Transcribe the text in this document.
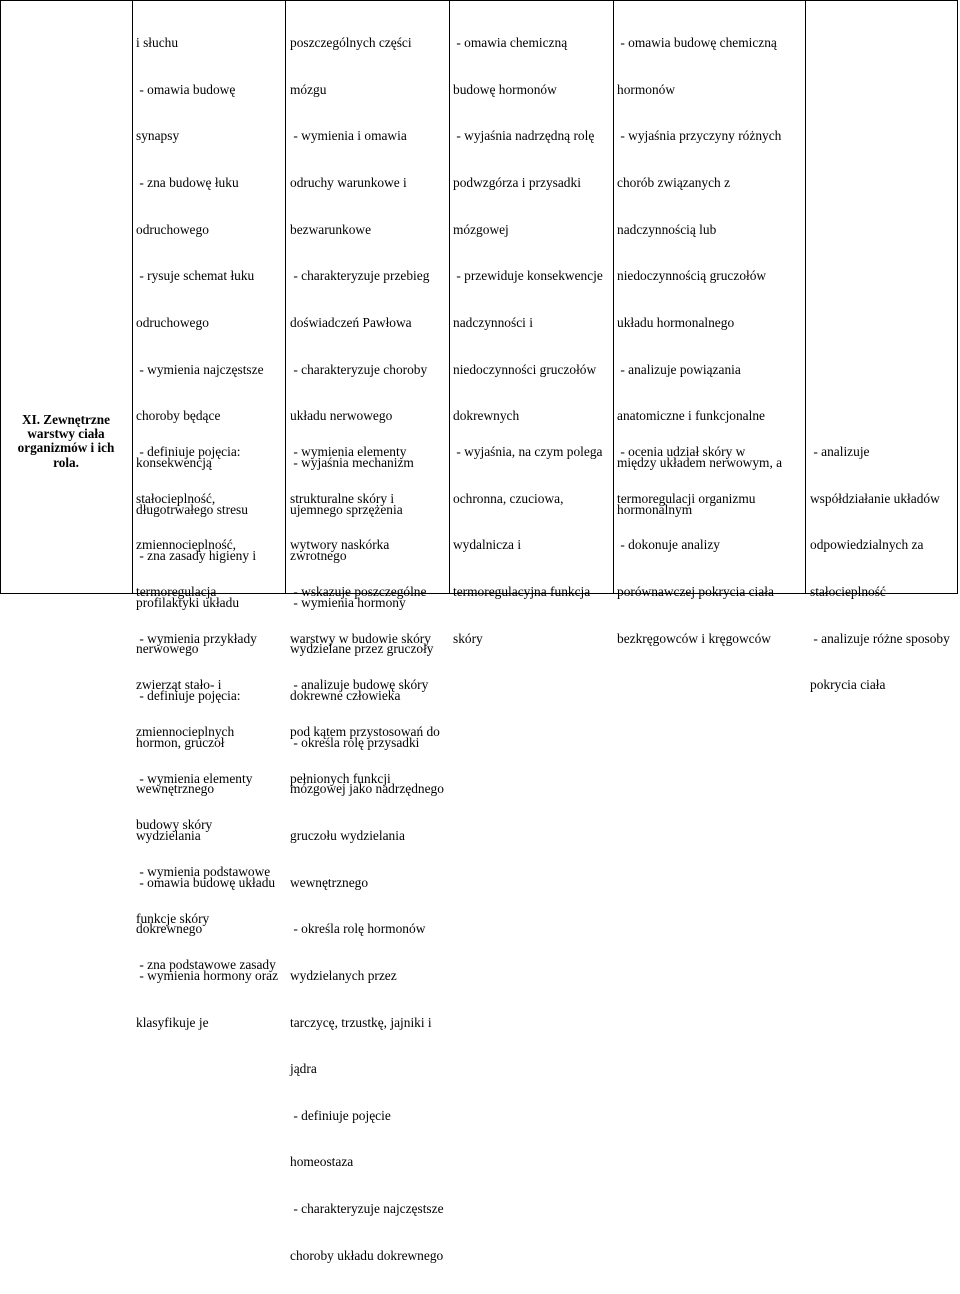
XI. Zewnętrzne warstwy ciała organizmów i ich rola.

i słuchu

- omawia budowę

synapsy

- zna budowę łuku

odruchowego

- rysuje schemat łuku

odruchowego

- wymienia najczęstsze

choroby będące

konsekwencją

długotrwałego stresu

- zna zasady higieny i

profilaktyki układu

nerwowego

- definiuje pojęcia:

hormon, gruczoł

wewnętrznego

wydzielania

- omawia budowę układu

dokrewnego

- wymienia hormony oraz

klasyfikuje je

- definiuje pojęcia:

stałocieplność,

zmiennocieplność,

termoregulacja

- wymienia przykłady

zwierząt stało- i

zmiennocieplnych

- wymienia elementy

budowy skóry

- wymienia podstawowe

funkcje skóry

- zna podstawowe zasady

poszczególnych części

mózgu

- wymienia i omawia

odruchy warunkowe i

bezwarunkowe

- charakteryzuje przebieg

doświadczeń Pawłowa

- charakteryzuje choroby

układu nerwowego

- wyjaśnia mechanizm

ujemnego sprzężenia

zwrotnego

- wymienia hormony

wydzielane przez gruczoły

dokrewne człowieka

- określa rolę przysadki

mózgowej jako nadrzędnego

gruczołu wydzielania

wewnętrznego

- określa rolę hormonów

wydzielanych przez

tarczycę, trzustkę, jajniki i

jądra

- definiuje pojęcie

homeostaza

- charakteryzuje najczęstsze

choroby układu dokrewnego

- wymienia elementy

strukturalne skóry i

wytwory naskórka

- wskazuje poszczególne

warstwy w budowie skóry

- analizuje budowę skóry

pod kątem przystosowań do

pełnionych funkcji

- omawia chemiczną

budowę hormonów

- wyjaśnia nadrzędną rolę

podwzgórza i przysadki

mózgowej

- przewiduje konsekwencje

nadczynności i

niedoczynności gruczołów

dokrewnych

- wyjaśnia, na czym polega

ochronna, czuciowa,

wydalnicza i

termoregulacyjna funkcja

skóry

- omawia budowę chemiczną

hormonów

- wyjaśnia przyczyny różnych

chorób związanych z

nadczynnością lub

niedoczynnością gruczołów

układu hormonalnego

- analizuje powiązania

anatomiczne i funkcjonalne

między układem nerwowym, a

hormonalnym

- ocenia udział skóry w

termoregulacji organizmu

- dokonuje analizy

porównawczej pokrycia ciała

bezkręgowców i kręgowców

- analizuje

współdziałanie układów

odpowiedzialnych za

stałocieplność

- analizuje różne sposoby

pokrycia ciała
